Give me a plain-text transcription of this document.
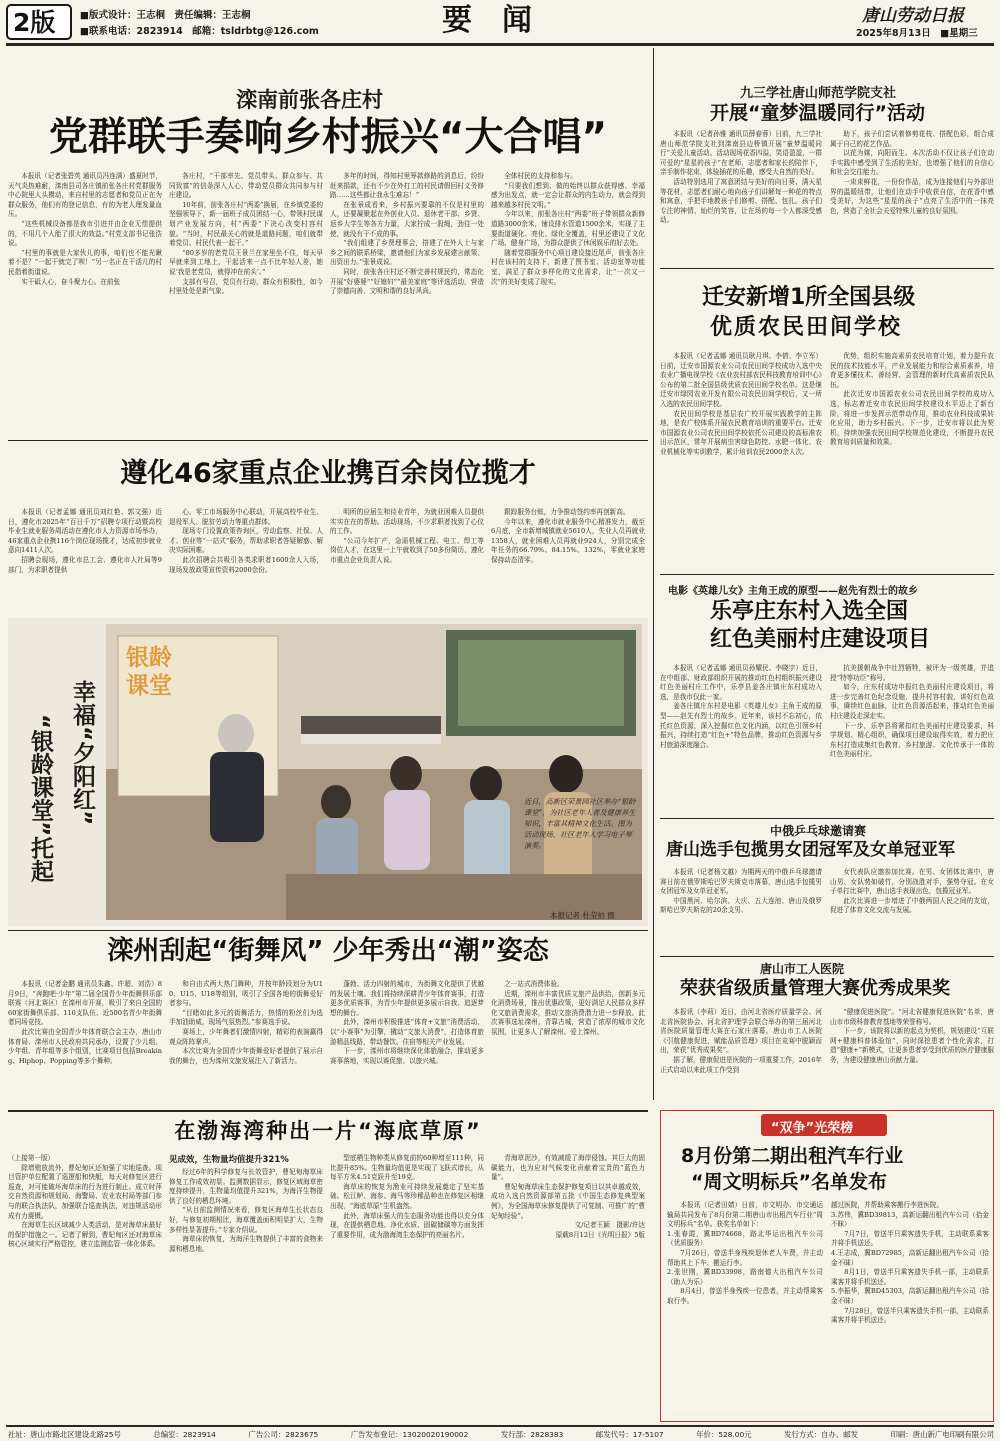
2版	■版式设计：王志桐　责任编辑：王志桐
■联系电话：2823914　邮箱：tsldrbtg@126.com	要　闻	唐山劳动日报
2025年8月13日　 ■星期三
滦南前张各庄村
党群联手奏响乡村振兴“大合唱”

本报讯（记者张碧英 通讯员冯连满）盛夏时节，天气炎热难耐，滦南县司各庄镇前张各庄村党群服务中心院里人头攒动，来自村里的志愿者和党员正在为群众服务，他们有的登记信息，有的为老人理发量血压。

“这些机械设备都是我市引进并由企业无偿提供的，不用几个人能了很大的效益。”村党支部书记张浩说。

“村里的事就是大家伙儿的事，咱们也不能光瞅着不是？”一起干就完了呗！”另一名正在干活儿的村民指着街道说。

实干砥人心，奋斗聚力心。在前张

各庄村，“干部率先、党员带头、群众参与、共同致富”的信条深入人心，带动党员群众共同参与村庄建设。

10年前，前张各庄村“两委”换届，在乡镇党委的坚强领导下，新一届班子成员团结一心，带领村民谋划产业发展方向，村“两委”下决心改变村容村貌。“当时，村民最关心的就是道路问题，咱们就带着党员、村民代表一起干。”

“80多岁的老党员王景兰在家里坐不住，每天早早就来到工地上，干起活来一点不比年轻人差，她说‘我是老党员，就得冲在前头’。”

支部有号召，党员有行动，群众有积极性，如今村里处处是新气象。

多年的时间，得知村里筹款修路的消息后，纷纷赶来捐款，还有不少在外打工的村民请假回村义务修路……这些都让我永生难忘！”

在张景成看来，乡村振兴要靠的不仅是村里的人，还要凝聚起在外创业人员、退休老干部、乡贤、返乡大学生等各方力量，大家拧成一股绳，劲往一处使，就没有干不成的事。

“我们组建了乡贤理事会，搭建了在外人士与家乡之间的联系桥梁，邀请他们为家乡发展建言献策、出资出力。”张景成说。

同时，前张各庄村还不断完善村规民约，常态化开展“好婆婆”“好媳妇”“最美家庭”等评选活动，营造了崇德向善、文明和谐的良好风尚。

全体村民的支持和参与。

“只要我们想到、做的始终以群众获得感、幸福感为出发点，就一定会让群众的内生动力，就会得到越来越多村民文明。”

今年以来，前张各庄村“两委”班子带领群众新修道路3000余米，铺设排水管道1500余米，实现了主要街道硬化、亮化、绿化全覆盖，村里还建设了文化广场、健身广场，为群众提供了休闲娱乐的好去处。

随着党群服务中心项目建设接近尾声，前张各庄村在该村的支持下，新建了图书室、活动室等功能室，满足了群众多样化的文化需求，让“一次又一次”的美好变成了现实。

九三学社唐山师范学院支社
开展“童梦温暖同行”活动

本报讯（记者孙雅 通讯员薛春蓉）日前，九三学社唐山师范学院支社到滦南县边桥镇开展“童梦温暖同行”关爱儿童活动。活动现场花香四溢，笑语盈盈，一群可爱的“星星的孩子”在老师、志愿者和家长的陪伴下，亲手制作花束、体验插花的乐趣，感受大自然的美好。

活动特别选用了寓意团结与美好的向日葵、满天星等花材，志愿者们耐心地向孩子们讲解每一种花的特点和寓意，手把手地教孩子们修剪、搭配、包扎。孩子们专注的神情、灿烂的笑容，让在场的每一个人都深受感动。

助下，孩子们尝试着修剪花枝、搭配色彩，组合成属于自己的花艺作品。

以花为媒，向阳而生。本次活动不仅让孩子们在动手实践中感受到了生活的美好，也增强了他们的自信心和社会交往能力。

一束束鲜花，一份份作品，成为连接他们与外部世界的温暖纽带，让他们在动手中收获自信，在花香中感受美好，为这些“星星的孩子”点亮了生活中的一抹亮色，营造了全社会关爱特殊儿童的良好氛围。

迁安新增1所全国县级
优质农民田间学校

本报讯（记者孟娜 通讯员耿月琪、李倩、李立军）日前，迁安市国源农业公司农民田间学校成功入选中央农业广播电视学校《农业农村部农民科技教育培训中心》公布的第二批全国县级优质农民田间学校名单。这是继迁安市绿园农业开发有限公司农民田间学校后，又一所入选的农民田间学校。

农民田间学校是基层农广校开展实践教学的主阵地，是农广校体系开展农民教育培训的重要平台。迁安市国源农业公司农民田间学校依托公司建设的高标准农田示范区，常年开展病虫害绿色防控、水肥一体化、农业机械化等实训教学，累计培训农民2000余人次。

优势，组织实施高素质农民培育计划，着力提升农民的技术技能水平，产业发展能力和综合素质素养，培育更多懂技术、善经营、会管理的新时代高素质农民队伍。

此次迁安市国源农业公司农民田间学校的成功入选，标志着迁安市农民田间学校建设水平迈上了新台阶，将进一步发挥示范带动作用，推动农业科技成果转化应用，助力乡村振兴。下一步，迁安市将以此为契机，持续加强农民田间学校规范化建设，不断提升农民教育培训质量和效果。

遵化46家重点企业携百余岗位揽才

本报讯（记者孟娜 通讯员刘红艳、郭文强）近日，遵化市2025年“百日千万”招聘专项行动暨高校毕业生就业服务周活动在遵化市人力资源市场举办，46家重点企业携116个岗位现场揽才，达成初步就业意向1411人次。

招聘会现场，遵化市总工会、遵化市人社局等9部门，为求职者提供

心、零工市场服务中心联动，开展高校毕业生、退役军人、脱贫劳动力等重点群体。

现场专门设置政策咨询区，劳动监察、社保、人才、创业等“一站式”服务，帮助求职者答疑解惑、解决实际困难。

此次招聘会共吸引各类求职者1600余人入场，现场发放政策宣传资料2000余份。

明所的应届生和待业青年，为就业困难人员提供实实在在的帮助。活动现场，不少求职者找到了心仪的工作。

“公司今年扩产，急需机械工程、电工、焊工等岗位人才，在这里一上午就收到了50多份简历，遵化市重点企业负责人说。

跟踪服务台账，力争推动签约率再创新高。

今年以来，遵化市就业服务中心精准发力，截至6月底，全市新增城镇就业5610人，失业人员再就业1358人，就业困难人员再就业924人，分别完成全年任务的66.79%、84.15%、132%，零就业家庭保持动态清零。

幸福“夕阳红”
“银龄课堂”托起
银龄
课堂

近日，高新区荣景园社区举办“银龄课堂”，为社区老年人普及健康养生知识，丰富其精神文化生活。图为活动现场，社区老年人学习电子琴演奏。

本报记者 杜莹拍 摄
电影《英雄儿女》主角王成的原型——赵先有烈士的故乡
乐亭庄东村入选全国
红色美丽村庄建设项目

本报讯（记者孟娜 通讯员孙耀民、李晓宇）近日，在中组部、财政部组织开展的推动红色村组织振兴建设红色美丽村庄工作中，乐亭县姜各庄镇庄东村成功入选，是我市仅此一家。

姜各庄镇庄东村是电影《英雄儿女》主角王成的原型——赵先有烈士的故乡。近年来，该村不忘初心，依托红色资源，深入挖掘红色文化内涵，以红色引领乡村振兴，持续打造“红色+”特色品牌，推动红色资源与乡村旅游深度融合。

抗美援朝战争中壮烈牺牲，被评为一级英雄，并追授“特等功臣”称号。

如今，庄东村成功申报红色美丽村庄建设项目，将进一步完善红色纪念设施、提升村容村貌，讲好红色故事，赓续红色血脉，让红色资源活起来，推动红色美丽村庄建设走深走实。

下一步，乐亭县将紧扣红色美丽村庄建设要求，科学规划、精心组织，确保项目建设取得实效，着力把庄东村打造成集红色教育、乡村旅游、文化传承于一体的红色美丽村庄。

滦州刮起“街舞风” 少年秀出“潮”姿态

本报讯（记者金鹏 通讯员朱鑫、许超、刘浩）8月9日，“奔跑吧·少年”第二届全国青少年街舞俱乐部联赛（河北赛区）在滦州市开赛，吸引了来自全国的60家街舞俱乐部、110支队伍、近500名青少年街舞者同场竞技。

此次比赛由全国青少年体育联合会主办，唐山市体育局、滦州市人民政府共同承办，设置了少儿组、少年组、青年组等多个组别，比赛项目包括Breaking、Hiphop、Popping等多个舞种。

和自由式两大热门舞种，并按年龄段划分为U10、U15、U18等组别，吸引了全国各地的街舞爱好者参与。

“目睹如此多元的街舞活力，热情的粉丝们为选手加油助威，现场气氛热烈。”参赛选手说。

赛场上，少年舞者们激情四射，精彩的表演赢得观众阵阵掌声。

本次比赛为全国青少年街舞爱好者提供了展示自我的舞台，也为滦州文旅发展注入了新活力。

蓬勃、活力四射的城市，为街舞文化提供了优越的发展土壤。我们将持续深耕青少年体育赛事，打造更多优质赛事，为青少年提供更多展示自我、追逐梦想的舞台。

此外，滦州市积极推进“体育+文旅”消费活动，以“小赛事”为引擎，撬动“文旅大消费”，打造体育旅游精品线路，带动餐饮、住宿等相关产业发展。

下一步，滦州市将继续深化体旅融合，推动更多赛事落地，实现以赛促旅、以旅兴城。

之一站式消费体验。

近期，滦州市丰富优质文旅产品供给，创新多元化消费场景，推出优惠政策，更好满足人民群众多样化文旅消费需求，推动文旅消费潜力进一步释放。此次赛事选址滦州，背靠古城，营造了浓厚的城市文化氛围，让更多人了解滦州、爱上滦州。

中俄乒乓球邀请赛
唐山选手包揽男女团冠军及女单冠亚军

本报讯（记者杨文越）为期两天的中俄乒乓球邀请赛日前在俄罗斯哈巴罗夫斯克市落幕，唐山选手包揽男女团冠军及女单冠亚军。

中国黑河、哈尔滨、大庆、五大连池、唐山及俄罗斯哈巴罗夫斯克的20余支男、

女代表队应邀参加比赛。在男、女团体比赛中，唐山男、女队势如破竹，分别战胜对手，强势夺冠。在女子单打比赛中，唐山选手表现出色，包揽冠亚军。

此次比赛进一步增进了中俄两国人民之间的友谊，促进了体育文化交流与发展。

唐山市工人医院
荣获省级质量管理大赛优秀成果奖

本报讯（李莉）近日，由河北省医疗质量学会、河北省医院协会、河北省护理学会联合举办的第三届河北省医院质量管理大赛在石家庄落幕。唐山市工人医院《引航健康促进，赋能品质管理》项目在竞赛中脱颖而出，荣获“优秀成果奖”。

据了解，健康促进是医院的一项重要工作，2016年正式启动以来此项工作受到

“健康促进医院”。“河北省健康促进医院”名单，唐山市市级科普教育基地等荣誉称号。

下一步，该院将以新的起点为契机，规划建设“互联网+健康科普体验馆”，同时深挖患者个性化需求，打造“健康+”新模式，让更多患者享受到优质的医疗健康服务，为建设健康唐山贡献力量。

在渤海湾种出一片“海底草原”

（上接第一版）

除增殖放流外，曹妃甸区还加强了实地巡查。项目管护单位配置了巡逻船和快艇，每天对修复区进行巡查，对可能破坏海草床的行为进行制止。成立时萍交自然资源和规划局、海警局、农业农村局等部门参与的联合执法队，加强联合巡查执法，对违规活动形成有力震慑。

在海草生长区域减少人类活动，是对海草床最好的保护措施之一。记者了解到，曹妃甸区还对海草床核心区域实行严格管控，建立监测监管一体化体系。

见成效，生物量均值提升321%

经过6年的科学修复与长效管护，曹妃甸海草床修复工作成效初显。监测数据显示，修复区域海草密度持续提升，生物量均值提升321%，为海洋生物提供了良好的栖息环境。

“从目前监测情况来看，修复区海草生长状态良好，与修复初期相比，海草覆盖面积明显扩大，生物多样性显著提升。”专家介绍说。

海草床的恢复，为海洋生物提供了丰富的食物来源和栖息地。

型底栖生物种类从修复前的60种增至111种，同比提升85%。生物量均值更是实现了飞跃式增长，从每平方米4.51克跃升至19克。

海草床的恢复为渔业可持续发展奠定了坚实基础。松江鲈、海参、海马等珍稀品种也在修复区相继出现，“海底草原”生机盎然。

此外，海草床强大的生态服务功能也得以充分体现，在提供栖息地、净化水质、固碳储碳等方面发挥了重要作用，成为渤海湾生态保护的亮丽名片。

青海草泥沙，有效减缓了海岸侵蚀。其巨大的固碳能力，也为应对气候变化贡献着宝贵的“蓝色力量”。

曹妃甸海草床生态保护修复项目以其卓越成效，成功入选自然资源部第五批《中国生态修复典型案例》，为全国海草床修复提供了可复制、可推广的“曹妃甸经验”。

文/记者王颖　摄影/许达

原载8月12日《光明日报》5版

“双争”光荣榜
8月份第二期出租汽车行业
“周文明标兵”名单发布

本报讯（记者田婧）日前，市文明办、市交通运输局共同发布了8月份第二期唐山市出租汽车行业“周文明标兵”名单。获奖名单如下：

1.张春霞，冀BD74668，路北华运出租汽车公司（优质服务）

7月26日，曾送半身残疾退休老人车费，并主动帮助其上下车、搬运行李。

2.张世刚，冀BD33998，路南德大出租汽车公司（助人为乐）

8月4日，曾送半身残疾一位患者，并主动帮乘客取行李。

越过医院，并帮助乘客搬行李进医院。

3.苏伟，冀BD39813，高新运翻出租汽车公司（拾金不昧）

7月7日，曾送半只乘客遗失手机，主动联系乘客并将手机送还。

4.王志成，冀BD72985，高新运翻出租汽车公司（拾金不昧）

8月1日，曾送半只乘客遗失手机一部，主动联系乘客并将手机送还。

5.李振华，冀BD45303，高新运翻出租汽车公司（拾金不昧）

7月28日，曾送半只乘客遗失手机一部，主动联系乘客并将手机送还。

社址：唐山市路北区建设北路25号	总编室：2823914	广告公司：2823675	广告发布登记：13020020190002	发行部：2828383	邮发代号：17-5107	年价：528.00元	发行方式：自办、邮发	印刷：唐山新广电印刷有限公司
